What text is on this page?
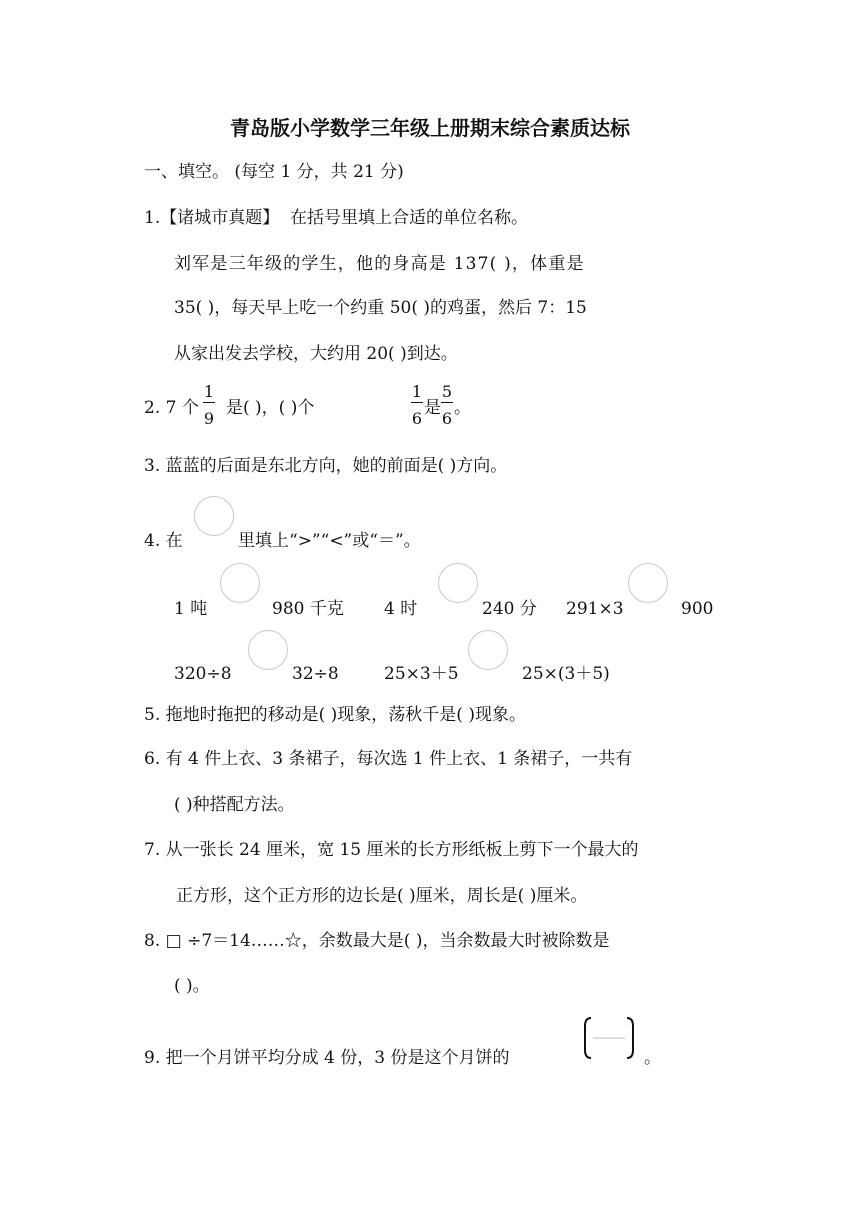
青岛版小学数学三年级上册期末综合素质达标
一、填空。 (每空 1 分，共 21 分)
1.【诸城市真题】 在括号里填上合适的单位名称。
刘军是三年级的学生，他的身高是 137( )，体重是
35( )，每天早上吃一个约重 50( )的鸡蛋，然后 7：15
从家出发去学校，大约用 20( )到达。
2. 7 个
1
9
是( )，( )个
1
6
是
5
6
。
3. 蓝蓝的后面是东北方向，她的前面是( )方向。
4. 在	里填上“>”“<”或“＝”。
1 吨	980 千克 4 时	240 分 291×3	900
320÷8	32÷8	25×3＋5	25×(3＋5)
5. 拖地时拖把的移动是( )现象，荡秋千是( )现象。
6. 有 4 件上衣、3 条裙子，每次选 1 件上衣、1 条裙子，一共有
( )种搭配方法。
7. 从一张长 24 厘米，宽 15 厘米的长方形纸板上剪下一个最大的
正方形，这个正方形的边长是( )厘米，周长是( )厘米。
8. □ ÷7＝14……☆，余数最大是( )，当余数最大时被除数是
( )。
9. 把一个月饼平均分成 4 份，3 份是这个月饼的	。
